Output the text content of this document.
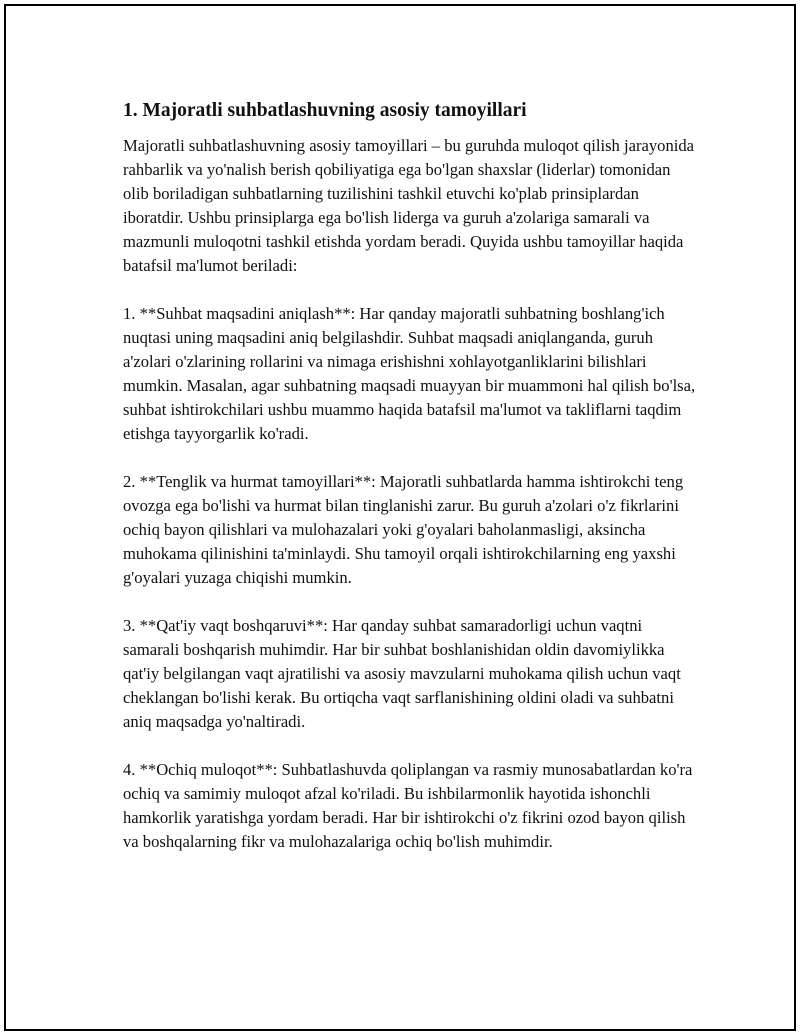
1. Majoratli suhbatlashuvning asosiy tamoyillari

Majoratli suhbatlashuvning asosiy tamoyillari – bu guruhda muloqot qilish jarayonida rahbarlik va yo'nalish berish qobiliyatiga ega bo'lgan shaxslar (liderlar) tomonidan olib boriladigan suhbatlarning tuzilishini tashkil etuvchi ko'plab prinsiplardan iboratdir. Ushbu prinsiplarga ega bo'lish liderga va guruh a'zolariga samarali va mazmunli muloqotni tashkil etishda yordam beradi. Quyida ushbu tamoyillar haqida batafsil ma'lumot beriladi:

1. **Suhbat maqsadini aniqlash**: Har qanday majoratli suhbatning boshlang'ich nuqtasi uning maqsadini aniq belgilashdir. Suhbat maqsadi aniqlanganda, guruh a'zolari o'zlarining rollarini va nimaga erishishni xohlayotganliklarini bilishlari mumkin. Masalan, agar suhbatning maqsadi muayyan bir muammoni hal qilish bo'lsa, suhbat ishtirokchilari ushbu muammo haqida batafsil ma'lumot va takliflarni taqdim etishga tayyorgarlik ko'radi.

2. **Tenglik va hurmat tamoyillari**: Majoratli suhbatlarda hamma ishtirokchi teng ovozga ega bo'lishi va hurmat bilan tinglanishi zarur. Bu guruh a'zolari o'z fikrlarini ochiq bayon qilishlari va mulohazalari yoki g'oyalari baholanmasligi, aksincha muhokama qilinishini ta'minlaydi. Shu tamoyil orqali ishtirokchilarning eng yaxshi g'oyalari yuzaga chiqishi mumkin.

3. **Qat'iy vaqt boshqaruvi**: Har qanday suhbat samaradorligi uchun vaqtni samarali boshqarish muhimdir. Har bir suhbat boshlanishidan oldin davomiylikka qat'iy belgilangan vaqt ajratilishi va asosiy mavzularni muhokama qilish uchun vaqt cheklangan bo'lishi kerak. Bu ortiqcha vaqt sarflanishining oldini oladi va suhbatni aniq maqsadga yo'naltiradi.

4. **Ochiq muloqot**: Suhbatlashuvda qoliplangan va rasmiy munosabatlardan ko'ra ochiq va samimiy muloqot afzal ko'riladi. Bu ishbilarmonlik hayotida ishonchli hamkorlik yaratishga yordam beradi. Har bir ishtirokchi o'z fikrini ozod bayon qilish va boshqalarning fikr va mulohazalariga ochiq bo'lish muhimdir.
